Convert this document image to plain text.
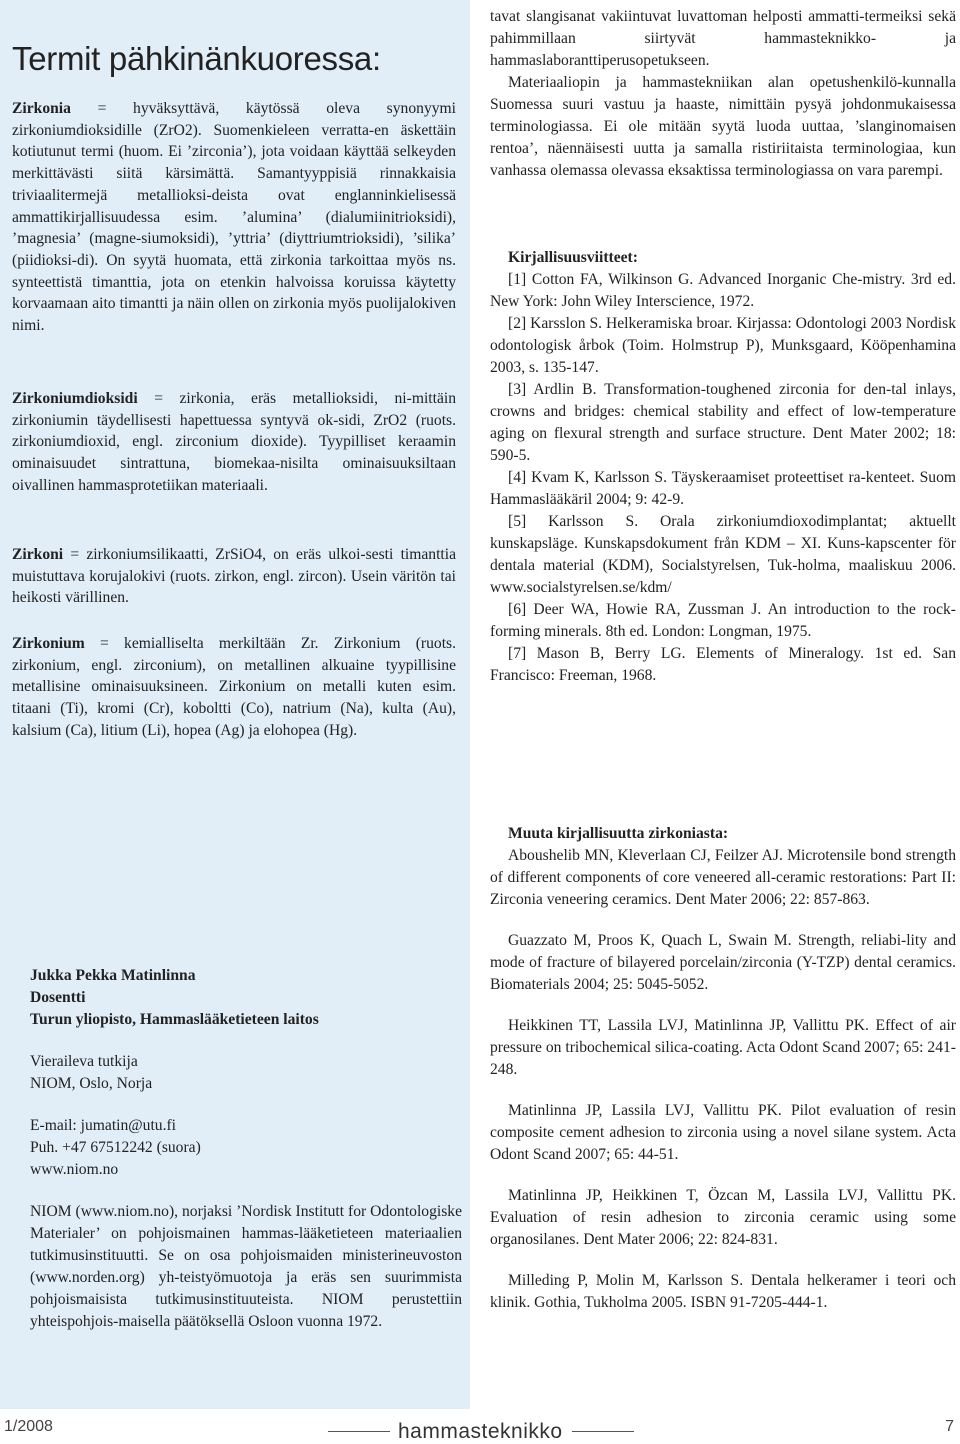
Termit pähkinänkuoressa:

Zirkonia = hyväksyttävä, käytössä oleva synonyymi zirkoniumdioksidille (ZrO2). Suomenkieleen verratta-en äskettäin kotiutunut termi (huom. Ei ’zirconia’), jota voidaan käyttää selkeyden merkittävästi siitä kärsimättä. Samantyyppisiä rinnakkaisia triviaalitermejä metallioksi-deista ovat englanninkielisessä ammattikirjallisuudessa esim. ’alumina’ (dialumiinitrioksidi), ’magnesia’ (magne-siumoksidi), ’yttria’ (diyttriumtrioksidi), ’silika’ (piidioksi-di). On syytä huomata, että zirkonia tarkoittaa myös ns. synteettistä timanttia, jota on etenkin halvoissa koruissa käytetty korvaamaan aito timantti ja näin ollen on zirkonia myös puolijalokiven nimi.

Zirkoniumdioksidi = zirkonia, eräs metallioksidi, ni-mittäin zirkoniumin täydellisesti hapettuessa syntyvä ok-sidi, ZrO2 (ruots. zirkoniumdioxid, engl. zirconium dioxide). Tyypilliset keraamin ominaisuudet sintrattuna, biomekaa-nisilta ominaisuuksiltaan oivallinen hammasprotetiikan materiaali.

Zirkoni = zirkoniumsilikaatti, ZrSiO4, on eräs ulkoi-sesti timanttia muistuttava korujalokivi (ruots. zirkon, engl. zircon). Usein väritön tai heikosti värillinen.

Zirkonium = kemialliselta merkiltään Zr. Zirkonium (ruots. zirkonium, engl. zirconium), on metallinen alkuaine tyypillisine metallisine ominaisuuksineen. Zirkonium on metalli kuten esim. titaani (Ti), kromi (Cr), koboltti (Co), natrium (Na), kulta (Au), kalsium (Ca), litium (Li), hopea (Ag) ja elohopea (Hg).

Jukka Pekka Matinlinna

Dosentti

Turun yliopisto, Hammaslääketieteen laitos

Vieraileva tutkija

NIOM, Oslo, Norja

E-mail: jumatin@utu.fi

Puh. +47 67512242 (suora)

www.niom.no

NIOM (www.niom.no), norjaksi ’Nordisk Institutt for Odontologiske Materialer’ on pohjoismainen hammas-lääketieteen materiaalien tutkimusinstituutti. Se on osa pohjoismaiden ministerineuvoston (www.norden.org) yh-teistyömuotoja ja eräs sen suurimmista pohjoismaisista tutkimusinstituuteista. NIOM perustettiin yhteispohjois-maisella päätöksellä Osloon vuonna 1972.

tavat slangisanat vakiintuvat luvattoman helposti ammatti-termeiksi sekä pahimmillaan siirtyvät hammasteknikko- ja hammaslaboranttiperusopetukseen.

Materiaaliopin ja hammastekniikan alan opetushenkilö-kunnalla Suomessa suuri vastuu ja haaste, nimittäin pysyä johdonmukaisessa terminologiassa. Ei ole mitään syytä luoda uuttaa, ’slanginomaisen rentoa’, näennäisesti uutta ja samalla ristiriitaista terminologiaa, kun vanhassa olemassa olevassa eksaktissa terminologiassa on vara parempi.

Kirjallisuusviitteet:

[1] Cotton FA, Wilkinson G. Advanced Inorganic Che-mistry. 3rd ed. New York: John Wiley Interscience, 1972.

[2] Karsslon S. Helkeramiska broar. Kirjassa: Odontologi 2003 Nordisk odontologisk årbok (Toim. Holmstrup P), Munksgaard, Kööpenhamina 2003, s. 135-147.

[3] Ardlin B. Transformation-toughened zirconia for den-tal inlays, crowns and bridges: chemical stability and effect of low-temperature aging on flexural strength and surface structure. Dent Mater 2002; 18: 590-5.

[4] Kvam K, Karlsson S. Täyskeraamiset proteettiset ra-kenteet. Suom Hammaslääkäril 2004; 9: 42-9.

[5] Karlsson S. Orala zirkoniumdioxodimplantat; aktuellt kunskapsläge. Kunskapsdokument från KDM – XI. Kuns-kapscenter för dentala material (KDM), Socialstyrelsen, Tuk-holma, maaliskuu 2006. www.socialstyrelsen.se/kdm/

[6] Deer WA, Howie RA, Zussman J. An introduction to the rock-forming minerals. 8th ed. London: Longman, 1975.

[7] Mason B, Berry LG. Elements of Mineralogy. 1st ed. San Francisco: Freeman, 1968.

Muuta kirjallisuutta zirkoniasta:

Aboushelib MN, Kleverlaan CJ, Feilzer AJ. Microtensile bond strength of different components of core veneered all-ceramic restorations: Part II: Zirconia veneering ceramics. Dent Mater 2006; 22: 857-863.

Guazzato M, Proos K, Quach L, Swain M. Strength, reliabi-lity and mode of fracture of bilayered porcelain/zirconia (Y-TZP) dental ceramics. Biomaterials 2004; 25: 5045-5052.

Heikkinen TT, Lassila LVJ, Matinlinna JP, Vallittu PK. Effect of air pressure on tribochemical silica-coating. Acta Odont Scand 2007; 65: 241-248.

Matinlinna JP, Lassila LVJ, Vallittu PK. Pilot evaluation of resin composite cement adhesion to zirconia using a novel silane system. Acta Odont Scand 2007; 65: 44-51.

Matinlinna JP, Heikkinen T, Özcan M, Lassila LVJ, Vallittu PK. Evaluation of resin adhesion to zirconia ceramic using some organosilanes. Dent Mater 2006; 22: 824-831.

Milleding P, Molin M, Karlsson S. Dentala helkeramer i teori och klinik. Gothia, Tukholma 2005. ISBN 91-7205-444-1.

1/2008	hammasteknikko	7
